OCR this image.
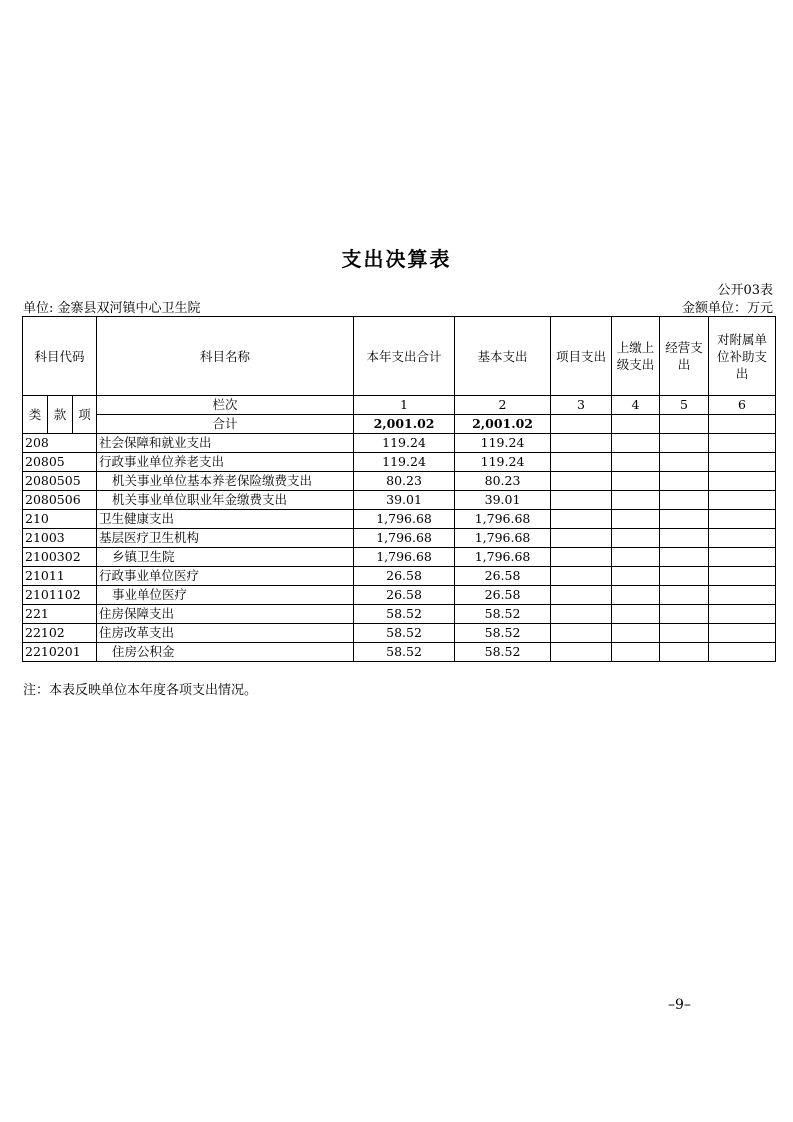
支出决算表
公开03表
单位: 金寨县双河镇中心卫生院	金额单位：万元
科目代码			科目名称	本年支出合计	基本支出	项目支出	上缴上级支出	经营支出	对附属单位补助支出
类	款	项	栏次	1	2	3	4	5	6
			合计	2,001.02	2,001.02				
208			社会保障和就业支出	119.24	119.24				
20805			行政事业单位养老支出	119.24	119.24				
2080505			机关事业单位基本养老保险缴费支出	80.23	80.23				
2080506			机关事业单位职业年金缴费支出	39.01	39.01				
210			卫生健康支出	1,796.68	1,796.68				
21003			基层医疗卫生机构	1,796.68	1,796.68				
2100302			乡镇卫生院	1,796.68	1,796.68				
21011			行政事业单位医疗	26.58	26.58				
2101102			事业单位医疗	26.58	26.58				
221			住房保障支出	58.52	58.52				
22102			住房改革支出	58.52	58.52				
2210201			住房公积金	58.52	58.52				
注：本表反映单位本年度各项支出情况。
–9–
